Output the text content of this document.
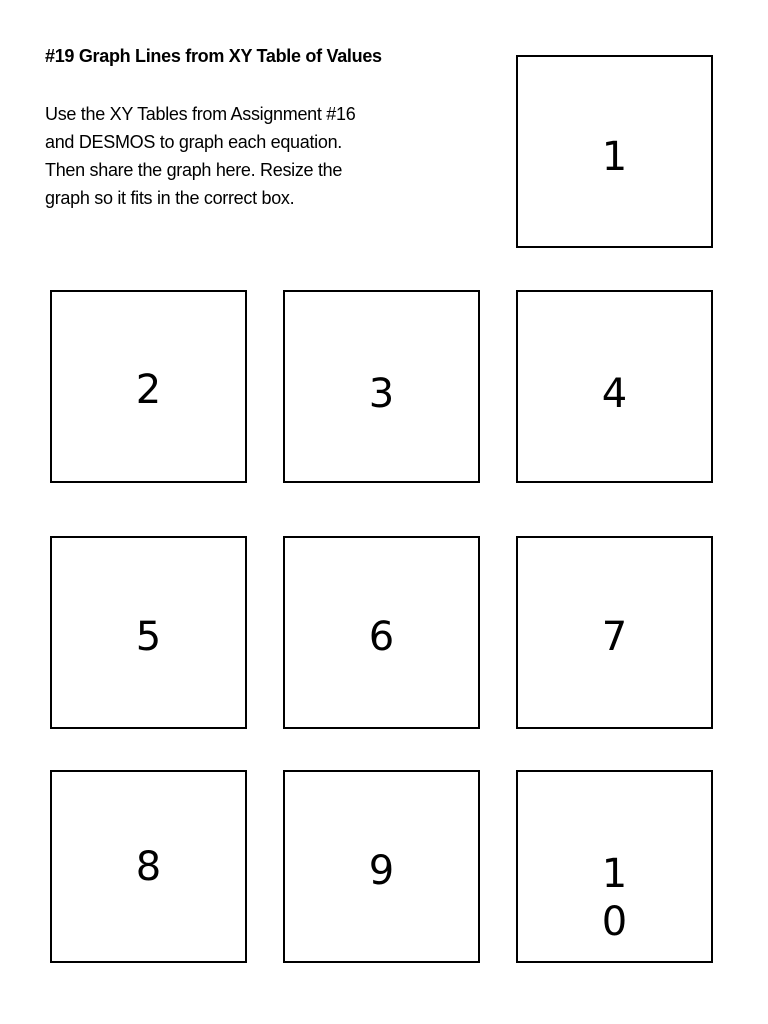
#19 Graph Lines from XY Table of Values
Use the XY Tables from Assignment #16
and DESMOS to graph each equation.
Then share the graph here. Resize the
graph so it fits in the correct box.
1
2	3	4
5	6	7
8	9	10
